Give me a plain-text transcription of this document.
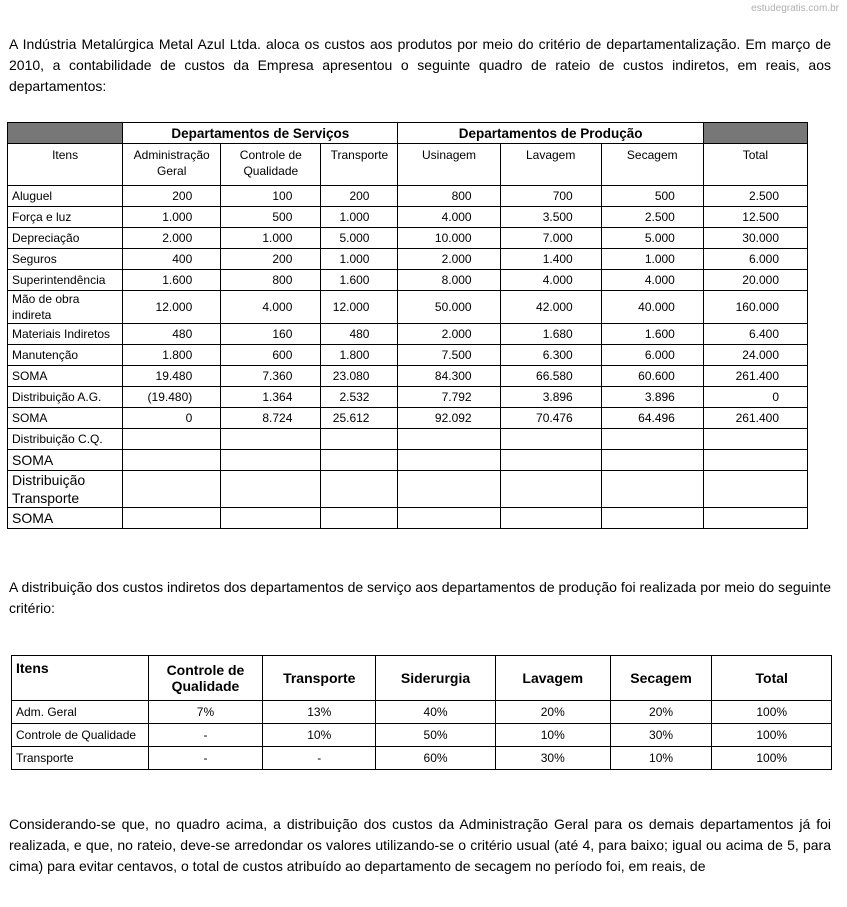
estudegratis.com.br

A Indústria Metalúrgica Metal Azul Ltda. aloca os custos aos produtos por meio do critério de departamentalização. Em março de 2010, a contabilidade de custos da Empresa apresentou o seguinte quadro de rateio de custos indiretos, em reais, aos departamentos:

	Departamentos de Serviços			Departamentos de Produção			
Itens	Administração Geral	Controle de Qualidade	Transporte	Usinagem	Lavagem	Secagem	Total
Aluguel	200	100	200	800	700	500	2.500
Força e luz	1.000	500	1.000	4.000	3.500	2.500	12.500
Depreciação	2.000	1.000	5.000	10.000	7.000	5.000	30.000
Seguros	400	200	1.000	2.000	1.400	1.000	6.000
Superintendência	1.600	800	1.600	8.000	4.000	4.000	20.000
Mão de obra indireta	12.000	4.000	12.000	50.000	42.000	40.000	160.000
Materiais Indiretos	480	160	480	2.000	1.680	1.600	6.400
Manutenção	1.800	600	1.800	7.500	6.300	6.000	24.000
SOMA	19.480	7.360	23.080	84.300	66.580	60.600	261.400
Distribuição A.G.	(19.480)	1.364	2.532	7.792	3.896	3.896	0
SOMA	0	8.724	25.612	92.092	70.476	64.496	261.400
Distribuição C.Q.							
SOMA							
Distribuição Transporte							
SOMA							

A distribuição dos custos indiretos dos departamentos de serviço aos departamentos de produção foi realizada por meio do seguinte critério:

Itens	Controle de Qualidade	Transporte	Siderurgia	Lavagem	Secagem	Total
Adm. Geral	7%	13%	40%	20%	20%	100%
Controle de Qualidade	-	10%	50%	10%	30%	100%
Transporte	-	-	60%	30%	10%	100%

Considerando-se que, no quadro acima, a distribuição dos custos da Administração Geral para os demais departamentos já foi realizada, e que, no rateio, deve-se arredondar os valores utilizando-se o critério usual (até 4, para baixo; igual ou acima de 5, para cima) para evitar centavos, o total de custos atribuído ao departamento de secagem no período foi, em reais, de
